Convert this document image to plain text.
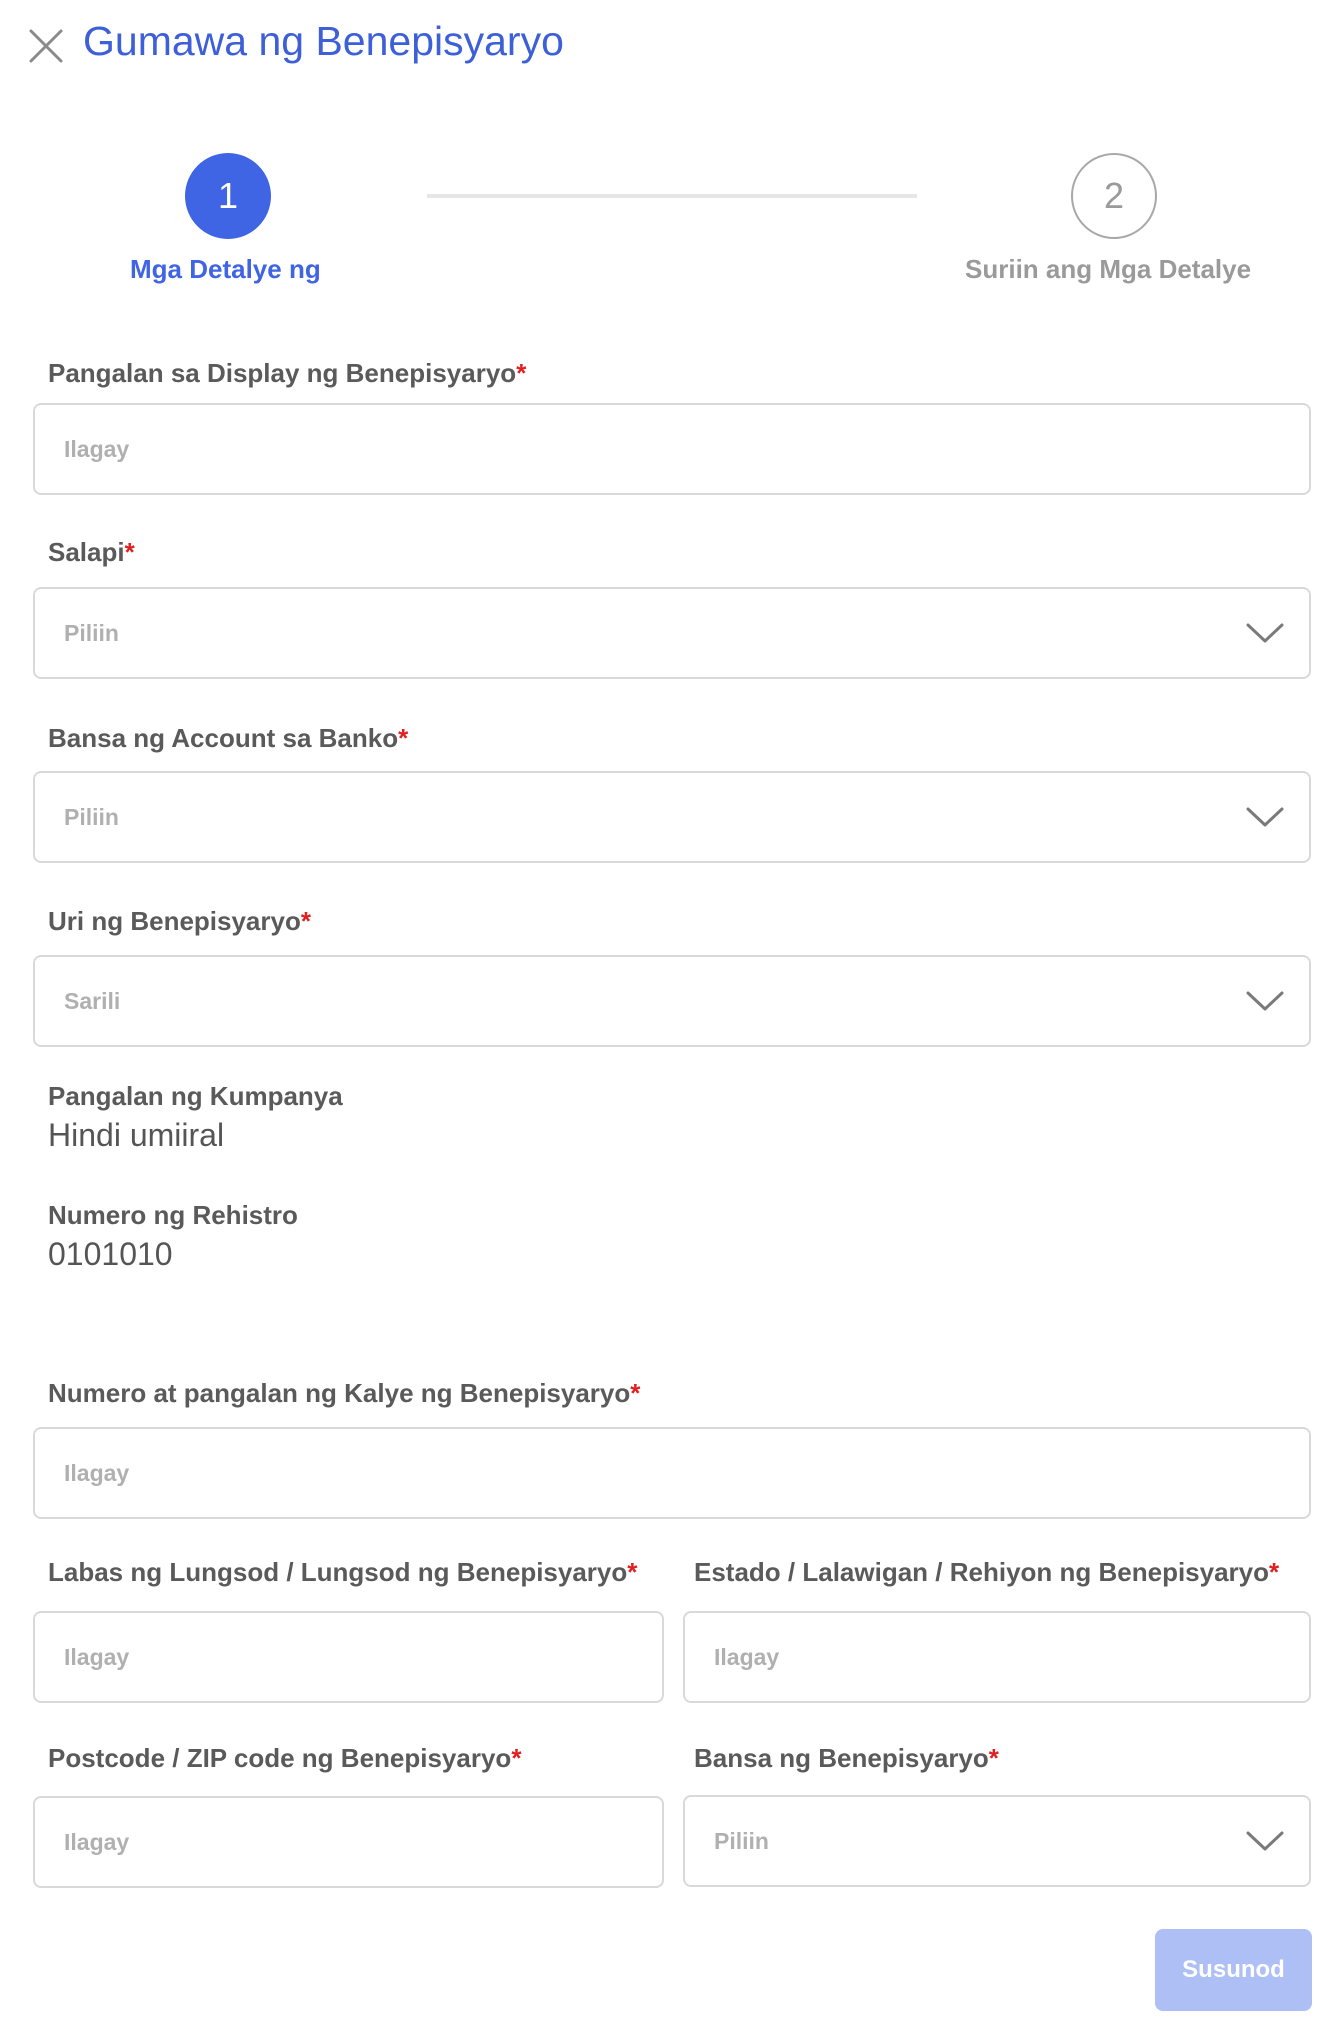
Gumawa ng Benepisyaryo
1	2
Mga Detalye ng	Suriin ang Mga Detalye
Pangalan sa Display ng Benepisyaryo*
Ilagay
Salapi*
Piliin
Bansa ng Account sa Banko*
Piliin
Uri ng Benepisyaryo*
Sarili
Pangalan ng Kumpanya
Hindi umiiral
Numero ng Rehistro
0101010
Numero at pangalan ng Kalye ng Benepisyaryo*
Ilagay
Labas ng Lungsod / Lungsod ng Benepisyaryo*
Ilagay
Estado / Lalawigan / Rehiyon ng Benepisyaryo*
Ilagay
Postcode / ZIP code ng Benepisyaryo*
Ilagay
Bansa ng Benepisyaryo*
Piliin
Susunod
